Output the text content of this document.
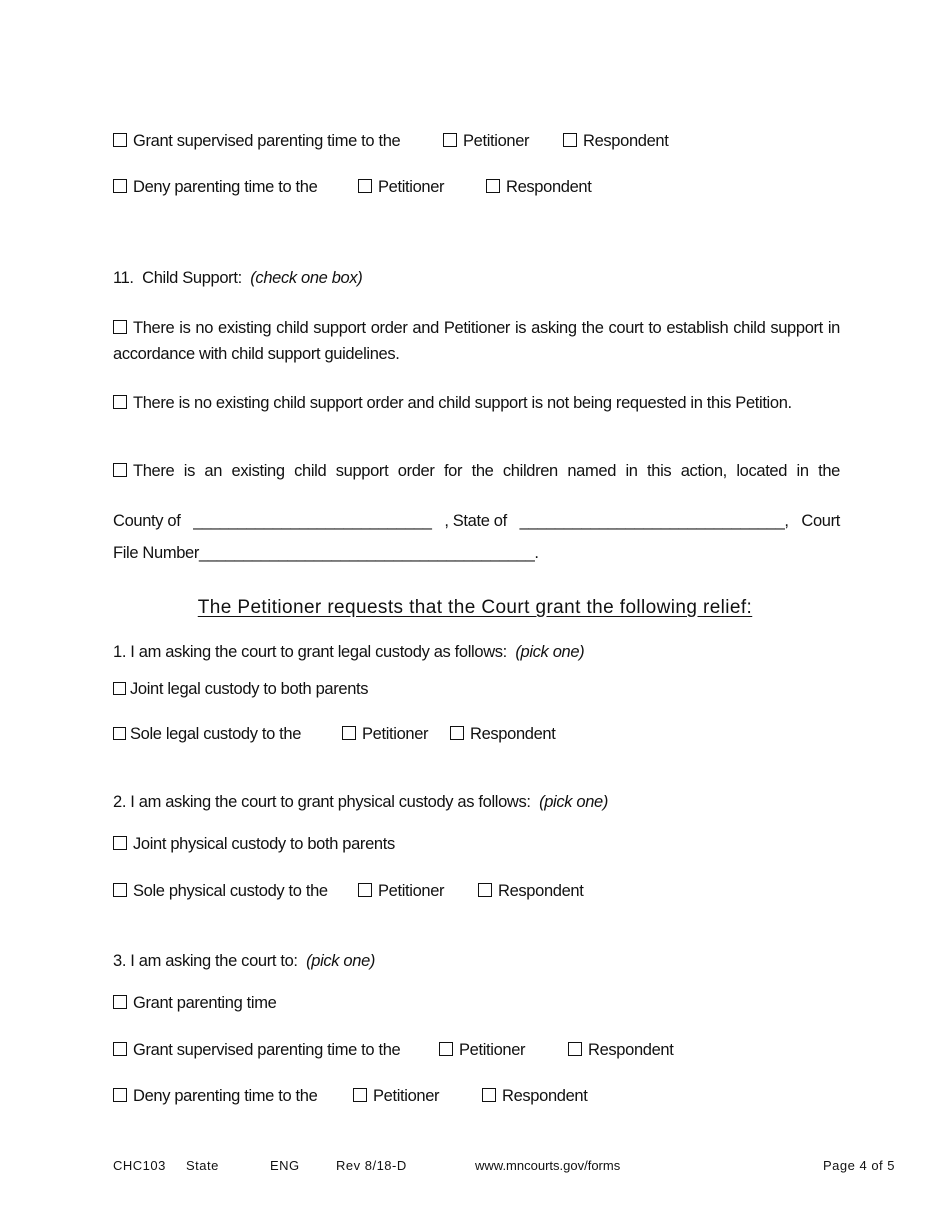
Grant supervised parenting time to the	Petitioner	Respondent
Deny parenting time to the	Petitioner	Respondent
11. Child Support: (check one box)
There is no existing child support order and Petitioner is asking the court to establish child support in accordance with child support guidelines.
There is no existing child support order and child support is not being requested in this Petition.
There is an existing child support order for the children named in this action, located in the
County of ___________________________ , State of ______________________________, Court
File Number______________________________________.
The Petitioner requests that the Court grant the following relief:
1. I am asking the court to grant legal custody as follows: (pick one)
Joint legal custody to both parents
Sole legal custody to the	Petitioner	Respondent
2. I am asking the court to grant physical custody as follows: (pick one)
Joint physical custody to both parents
Sole physical custody to the	Petitioner	Respondent
3. I am asking the court to: (pick one)
Grant parenting time
Grant supervised parenting time to the	Petitioner	Respondent
Deny parenting time to the	Petitioner	Respondent
CHC103 State	ENG	Rev 8/18-D	www.mncourts.gov/forms	Page 4 of 5
